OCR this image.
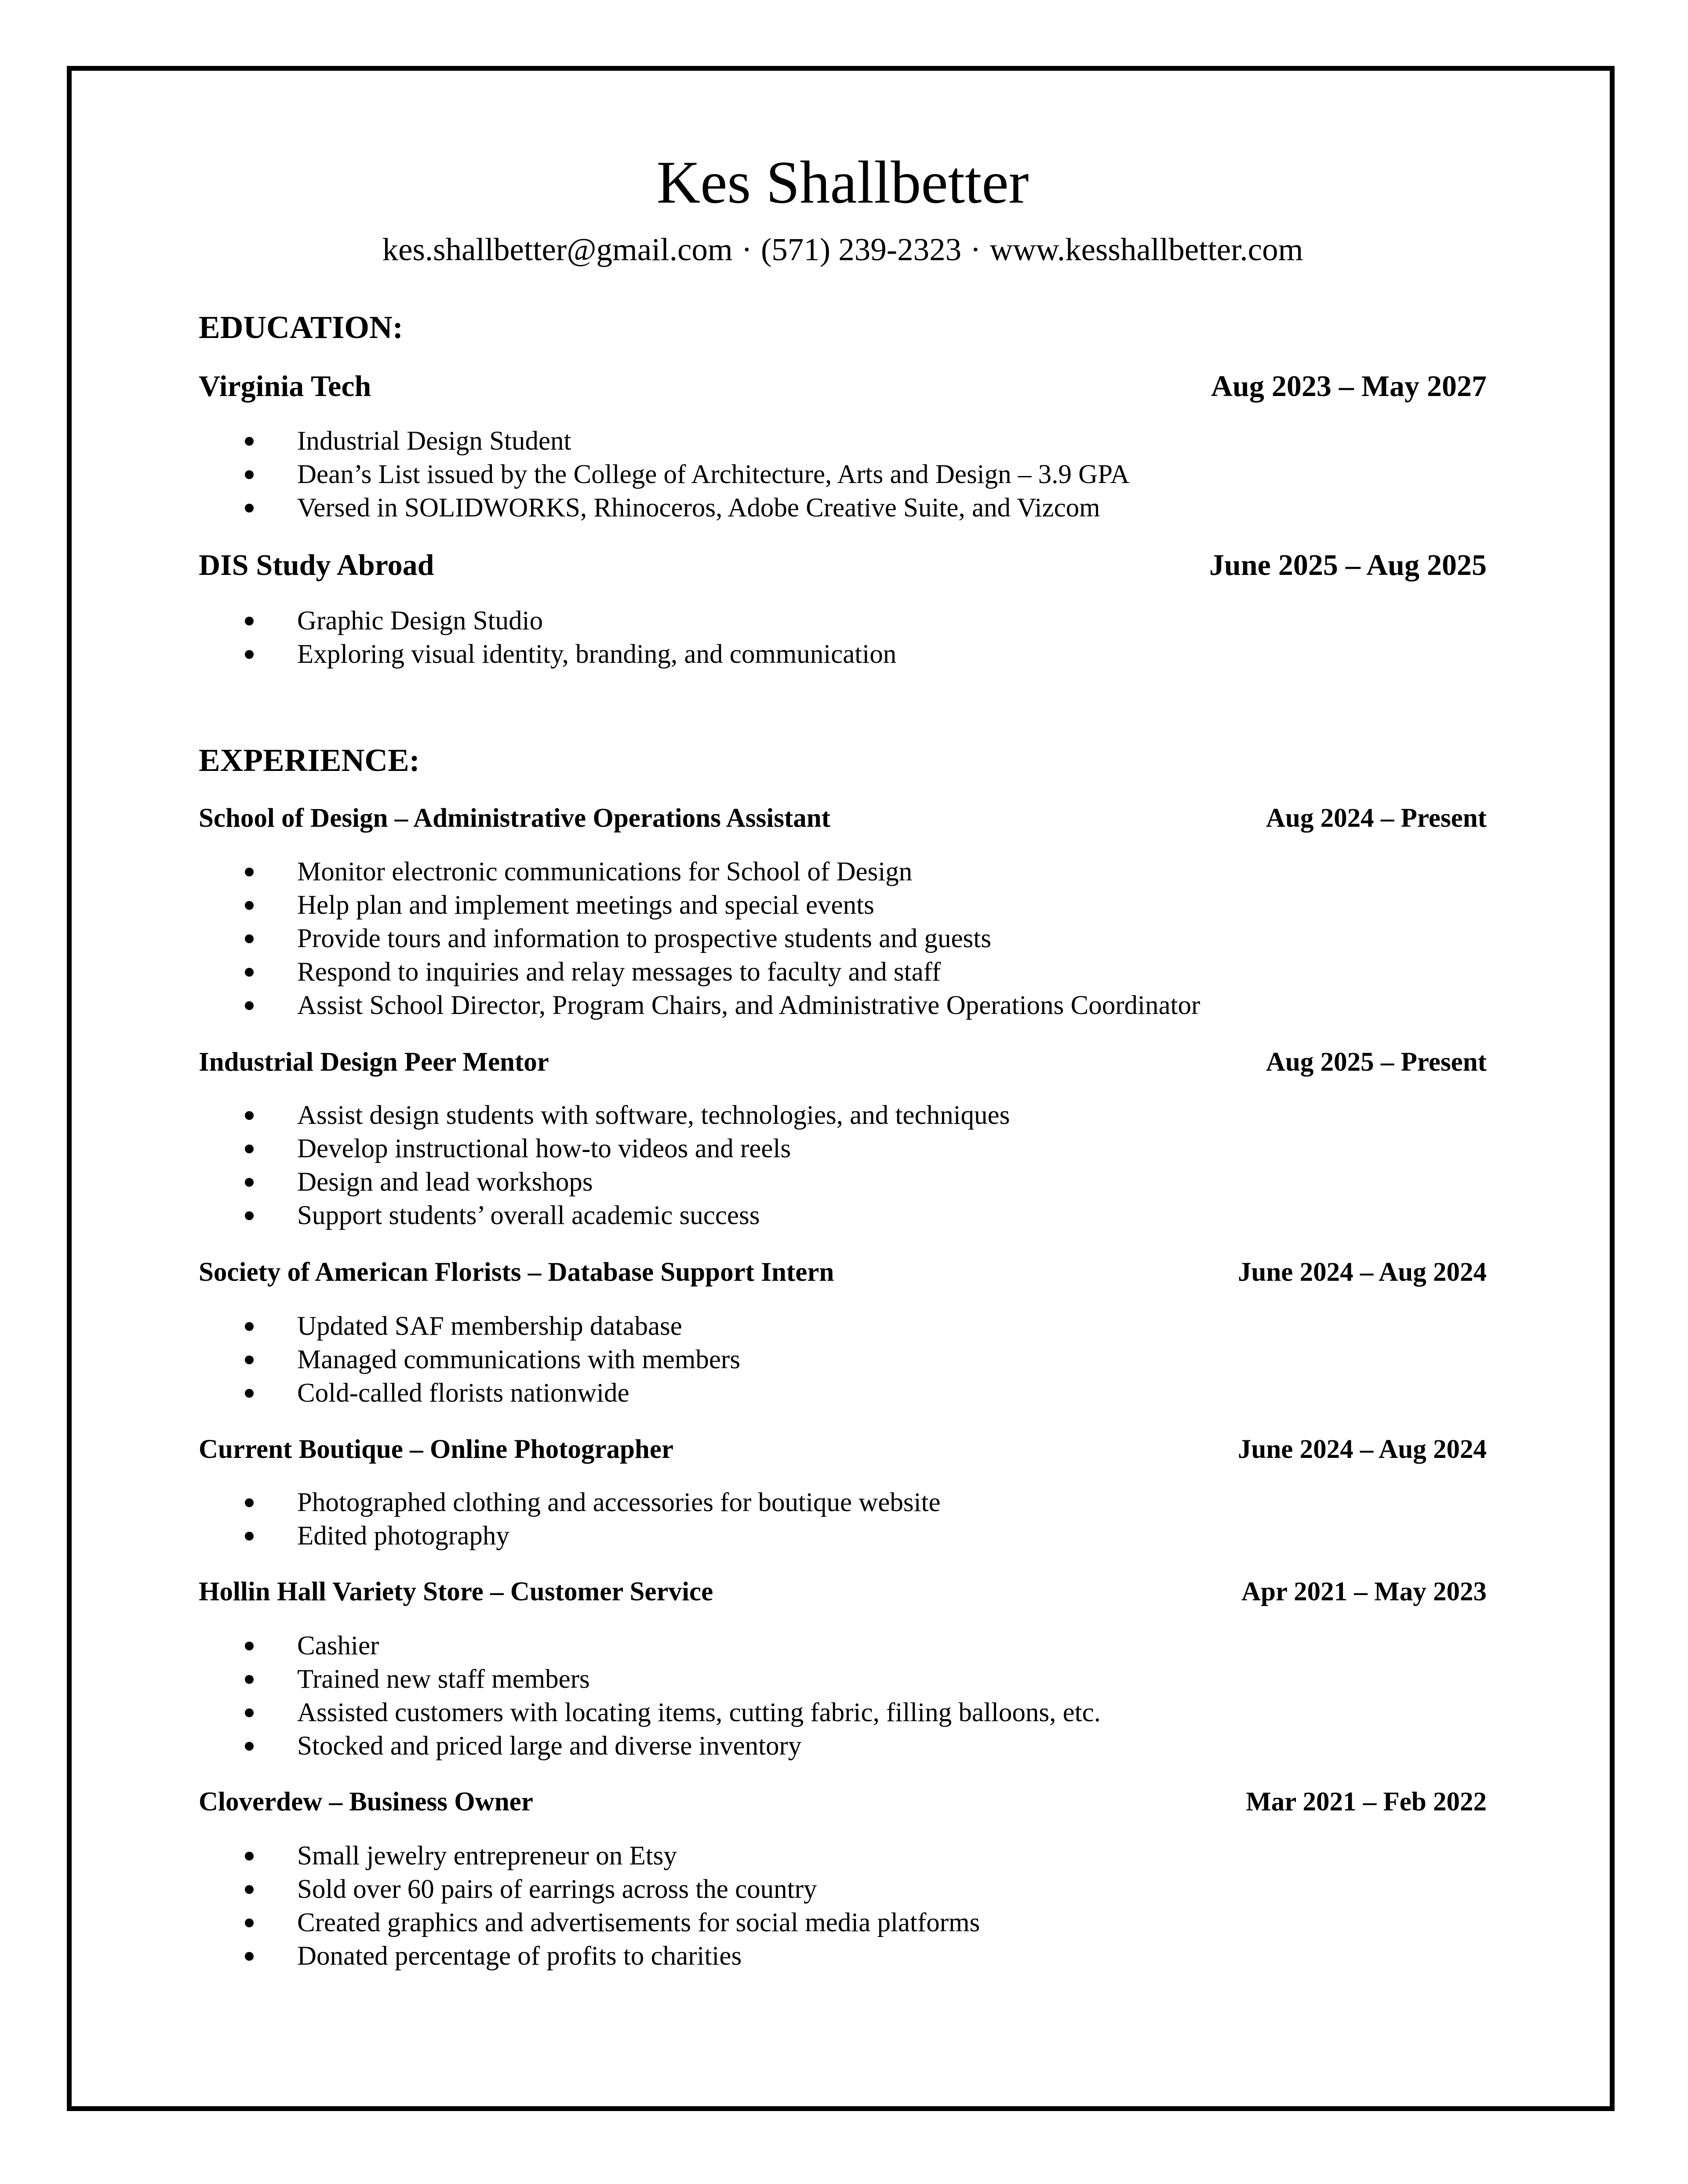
Kes Shallbetter
kes.shallbetter@gmail.com · (571) 239-2323 · www.kesshallbetter.com
EDUCATION:
Virginia Tech	Aug 2023 – May 2027
Industrial Design Student
Dean’s List issued by the College of Architecture, Arts and Design – 3.9 GPA
Versed in SOLIDWORKS, Rhinoceros, Adobe Creative Suite, and Vizcom
DIS Study Abroad	June 2025 – Aug 2025
Graphic Design Studio
Exploring visual identity, branding, and communication
EXPERIENCE:
School of Design – Administrative Operations Assistant	Aug 2024 – Present
Monitor electronic communications for School of Design
Help plan and implement meetings and special events
Provide tours and information to prospective students and guests
Respond to inquiries and relay messages to faculty and staff
Assist School Director, Program Chairs, and Administrative Operations Coordinator
Industrial Design Peer Mentor	Aug 2025 – Present
Assist design students with software, technologies, and techniques
Develop instructional how-to videos and reels
Design and lead workshops
Support students’ overall academic success
Society of American Florists – Database Support Intern	June 2024 – Aug 2024
Updated SAF membership database
Managed communications with members
Cold-called florists nationwide
Current Boutique – Online Photographer	June 2024 – Aug 2024
Photographed clothing and accessories for boutique website
Edited photography
Hollin Hall Variety Store – Customer Service	Apr 2021 – May 2023
Cashier
Trained new staff members
Assisted customers with locating items, cutting fabric, filling balloons, etc.
Stocked and priced large and diverse inventory
Cloverdew – Business Owner	Mar 2021 – Feb 2022
Small jewelry entrepreneur on Etsy
Sold over 60 pairs of earrings across the country
Created graphics and advertisements for social media platforms
Donated percentage of profits to charities
